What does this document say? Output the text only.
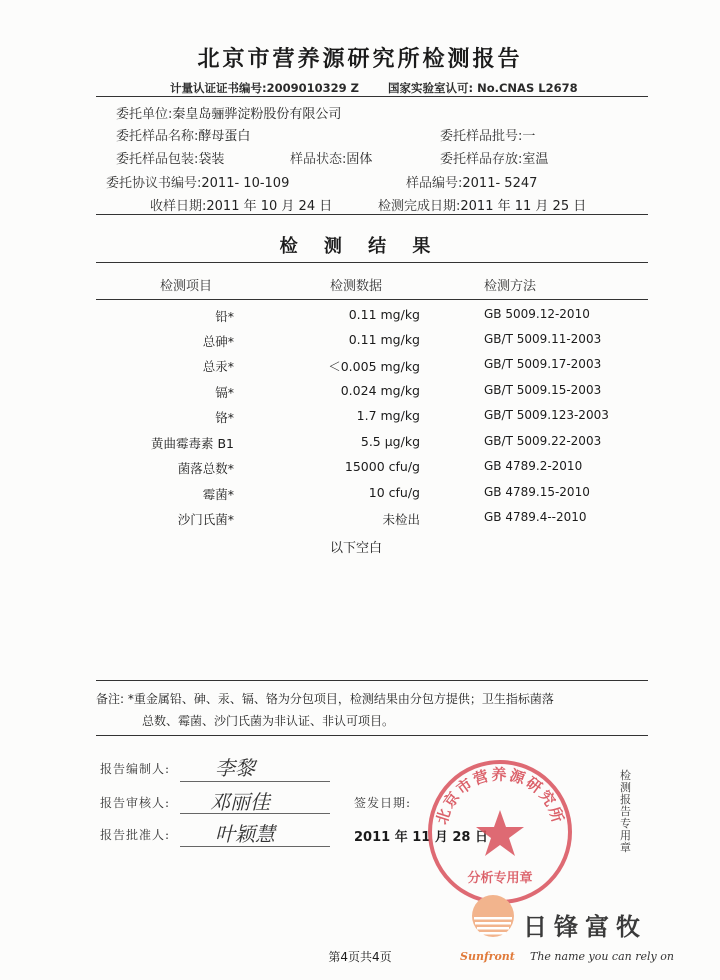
北京市营养源研究所检测报告
计量认证证书编号:2009010329 Z	国家实验室认可: No.CNAS L2678
委托单位:秦皇岛骊骅淀粉股份有限公司
委托样品名称:酵母蛋白	委托样品批号:一
委托样品包装:袋装	样品状态:固体	委托样品存放:室温
委托协议书编号:2011- 10-109	样品编号:2011- 5247
收样日期:2011 年 10 月 24 日	检测完成日期:2011 年 11 月 25 日
检 测 结 果
检测项目	检测数据	检测方法
铅*	0.11 mg/kg	GB 5009.12-2010
总砷*	0.11 mg/kg	GB/T 5009.11-2003
总汞*	＜0.005 mg/kg	GB/T 5009.17-2003
镉*	0.024 mg/kg	GB/T 5009.15-2003
铬*	1.7 mg/kg	GB/T 5009.123-2003
黄曲霉毒素 B1	5.5 μg/kg	GB/T 5009.22-2003
菌落总数*	15000 cfu/g	GB 4789.2-2010
霉菌*	10 cfu/g	GB 4789.15-2010
沙门氏菌*	未检出	GB 4789.4--2010
以下空白
备注: *重金属铅、砷、汞、镉、铬为分包项目，检测结果由分包方提供；卫生指标菌落
总数、霉菌、沙门氏菌为非认证、非认可项目。
报告编制人: 李黎
报告审核人: 邓丽佳	签发日期:
报告批准人: 叶颖慧	2011 年 11 月 28 日
北京市营养源研究所
分析专用章
检测报告专用章
第4页共4页
日锋富牧
Sunfront The name you can rely on
